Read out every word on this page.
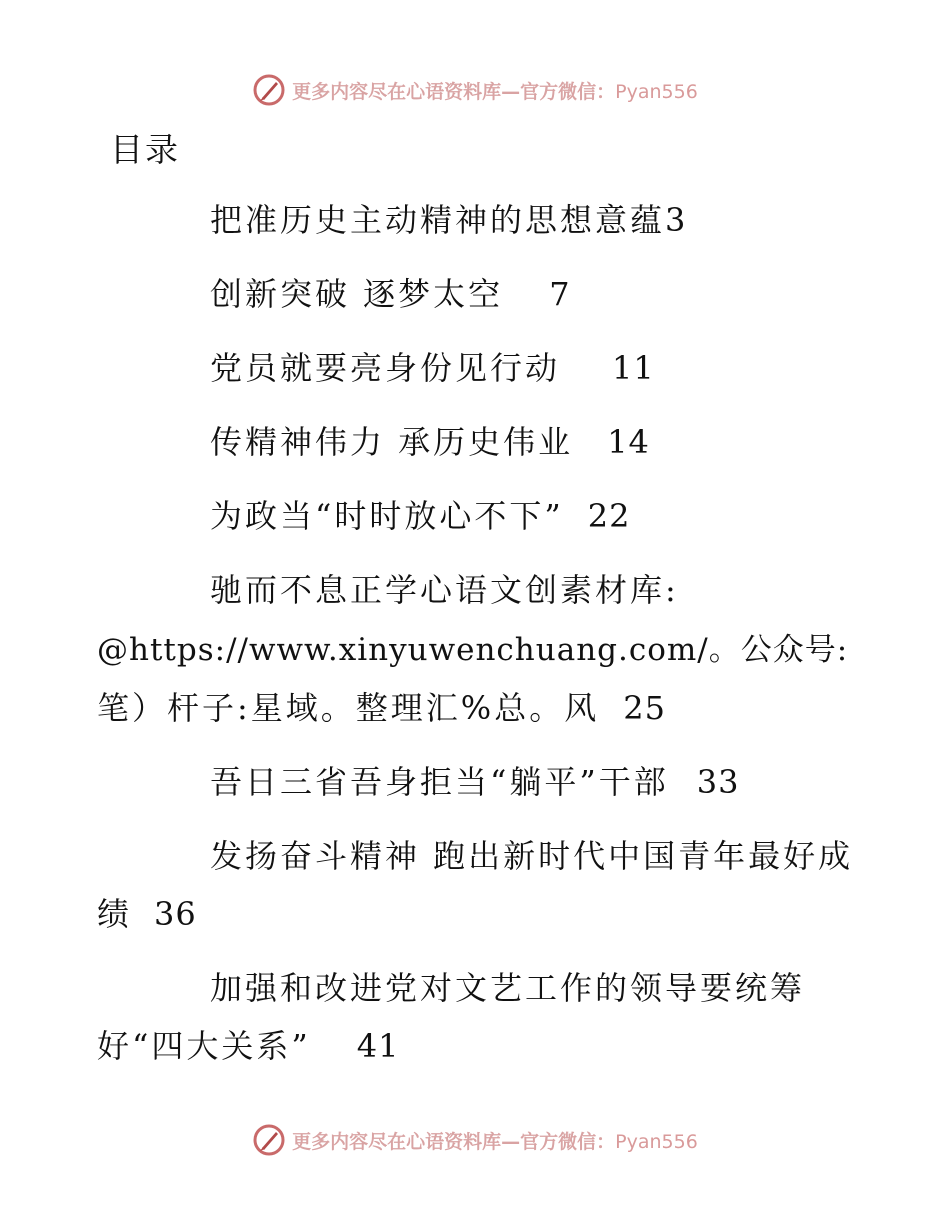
更多内容尽在心语资料库—官方微信：Pyan556
目录
把准历史主动精神的思想意蕴3
创新突破 逐梦太空 7
党员就要亮身份见行动 11
传精神伟力 承历史伟业 14
为政当“时时放心不下” 22
驰而不息正学心语文创素材库:
@https://www.xinyuwenchuang.com/。公众号:
笔）杆子:星域。整理汇%总。风 25
吾日三省吾身拒当“躺平”干部 33
发扬奋斗精神 跑出新时代中国青年最好成
绩 36
加强和改进党对文艺工作的领导要统筹
好“四大关系” 41
更多内容尽在心语资料库—官方微信：Pyan556
